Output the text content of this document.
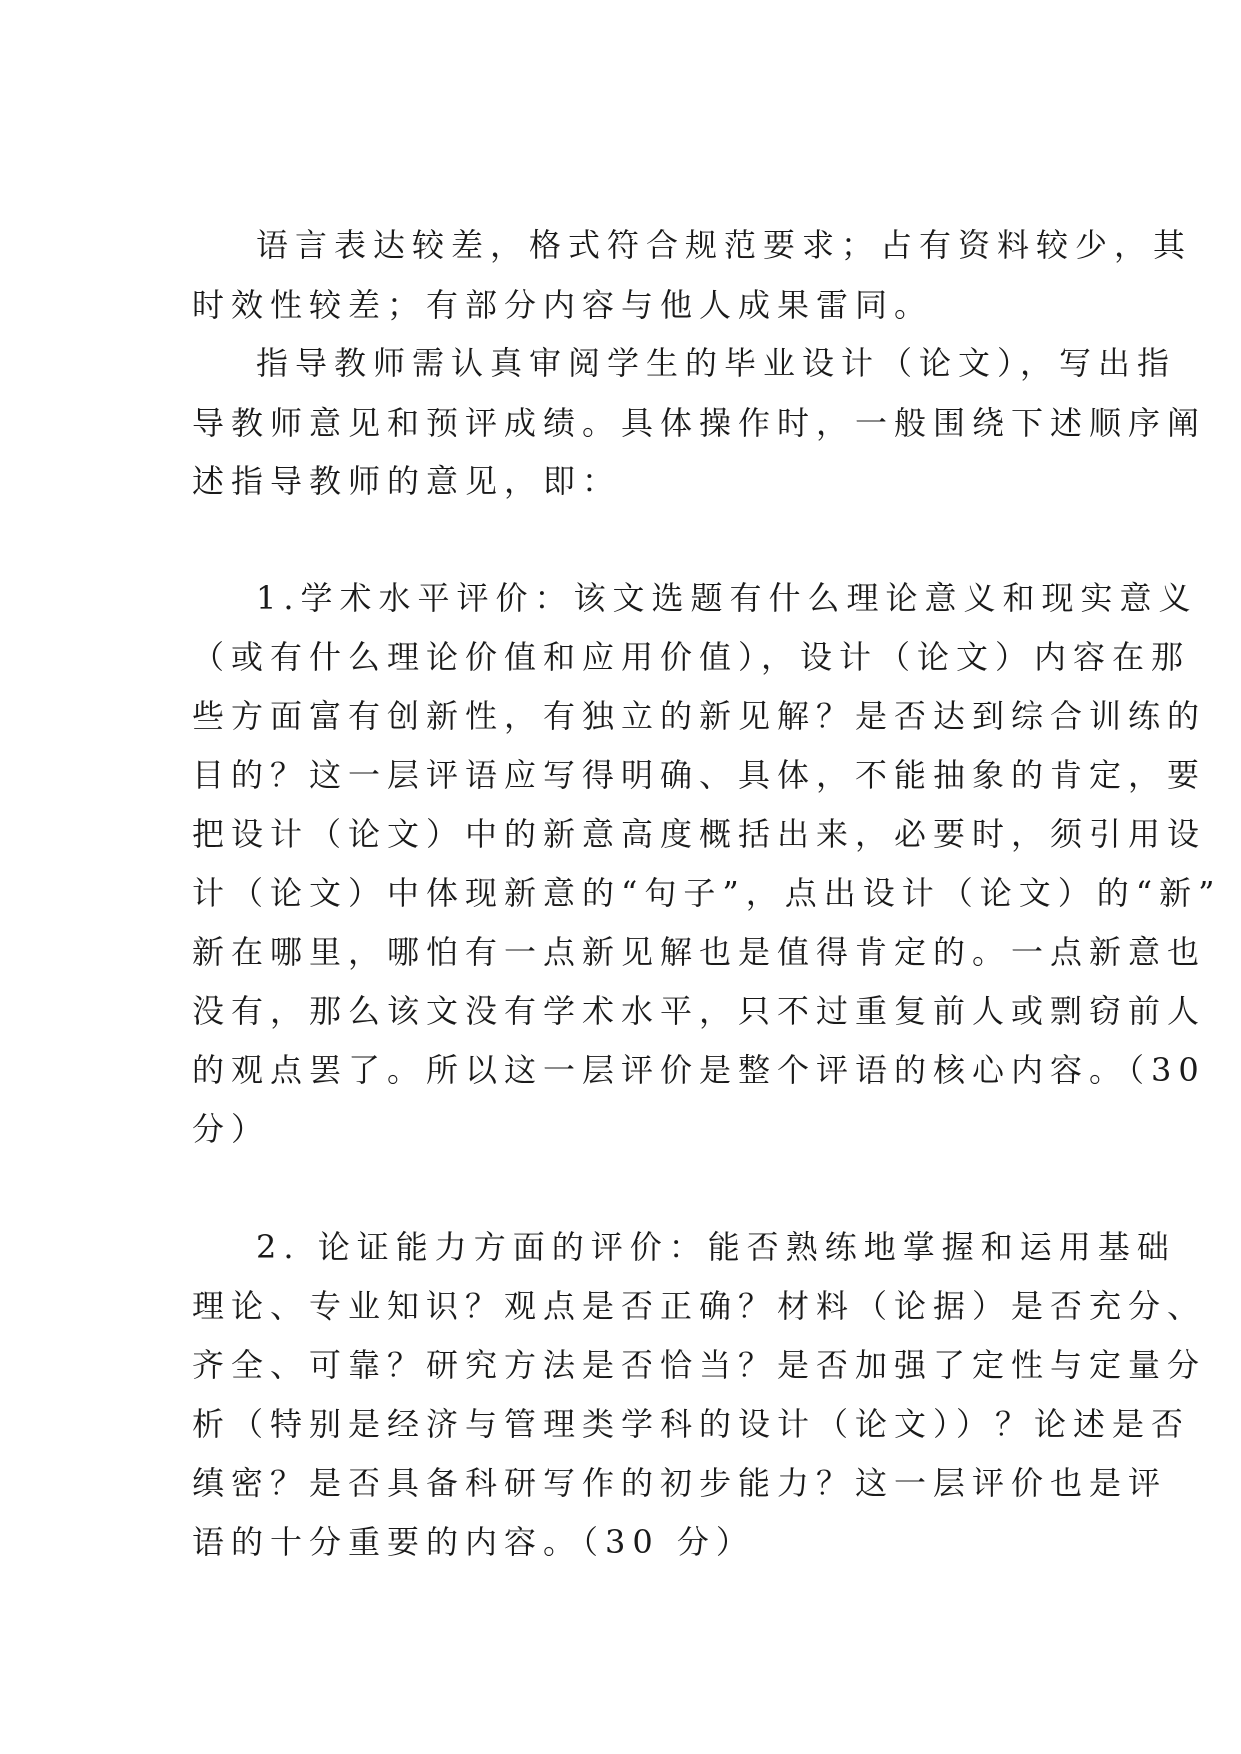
语言表达较差，格式符合规范要求；占有资料较少，其

时效性较差；有部分内容与他人成果雷同。

指导教师需认真审阅学生的毕业设计（论文），写出指

导教师意见和预评成绩。具体操作时，一般围绕下述顺序阐

述指导教师的意见，即：

1.学术水平评价：该文选题有什么理论意义和现实意义

（或有什么理论价值和应用价值），设计（论文）内容在那

些方面富有创新性，有独立的新见解？是否达到综合训练的

目的？这一层评语应写得明确、具体，不能抽象的肯定，要

把设计（论文）中的新意高度概括出来，必要时，须引用设

计（论文）中体现新意的“句子”，点出设计（论文）的“新”

新在哪里，哪怕有一点新见解也是值得肯定的。一点新意也

没有，那么该文没有学术水平，只不过重复前人或剽窃前人

的观点罢了。所以这一层评价是整个评语的核心内容。（30

分）

2. 论证能力方面的评价：能否熟练地掌握和运用基础

理论、专业知识？观点是否正确？材料（论据）是否充分、

齐全、可靠？研究方法是否恰当？是否加强了定性与定量分

析（特别是经济与管理类学科的设计（论文））？论述是否

缜密？是否具备科研写作的初步能力？这一层评价也是评

语的十分重要的内容。（30 分）
